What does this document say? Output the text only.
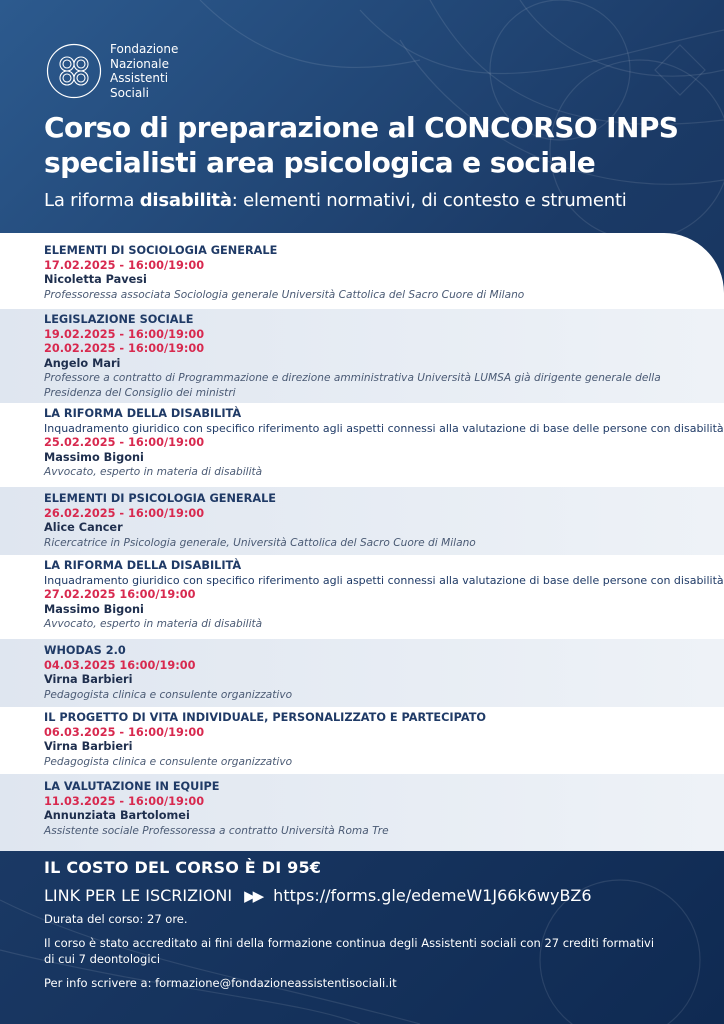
Fondazione
Nazionale
Assistenti
Sociali
Corso di preparazione al CONCORSO INPS
specialisti area psicologica e sociale
La riforma disabilità: elementi normativi, di contesto e strumenti
ELEMENTI DI SOCIOLOGIA GENERALE
17.02.2025 - 16:00/19:00
Nicoletta Pavesi
Professoressa associata Sociologia generale Università Cattolica del Sacro Cuore di Milano
LEGISLAZIONE SOCIALE
19.02.2025 - 16:00/19:00
20.02.2025 - 16:00/19:00
Angelo Mari
Professore a contratto di Programmazione e direzione amministrativa Università LUMSA già dirigente generale della
Presidenza del Consiglio dei ministri
LA RIFORMA DELLA DISABILITÀ
Inquadramento giuridico con specifico riferimento agli aspetti connessi alla valutazione di base delle persone con disabilità
25.02.2025 - 16:00/19:00
Massimo Bigoni
Avvocato, esperto in materia di disabilità
ELEMENTI DI PSICOLOGIA GENERALE
26.02.2025 - 16:00/19:00
Alice Cancer
Ricercatrice in Psicologia generale, Università Cattolica del Sacro Cuore di Milano
LA RIFORMA DELLA DISABILITÀ
Inquadramento giuridico con specifico riferimento agli aspetti connessi alla valutazione di base delle persone con disabilità
27.02.2025 16:00/19:00
Massimo Bigoni
Avvocato, esperto in materia di disabilità
WHODAS 2.0
04.03.2025 16:00/19:00
Virna Barbieri
Pedagogista clinica e consulente organizzativo
IL PROGETTO DI VITA INDIVIDUALE, PERSONALIZZATO E PARTECIPATO
06.03.2025 - 16:00/19:00
Virna Barbieri
Pedagogista clinica e consulente organizzativo
LA VALUTAZIONE IN EQUIPE
11.03.2025 - 16:00/19:00
Annunziata Bartolomei
Assistente sociale Professoressa a contratto Università Roma Tre
IL COSTO DEL CORSO È DI 95€
LINK PER LE ISCRIZIONI ▶▶ https://forms.gle/edemeW1J66k6wyBZ6
Durata del corso: 27 ore.
Il corso è stato accreditato ai fini della formazione continua degli Assistenti sociali con 27 crediti formativi di cui 7 deontologici
Per info scrivere a: formazione@fondazioneassistentisociali.it
